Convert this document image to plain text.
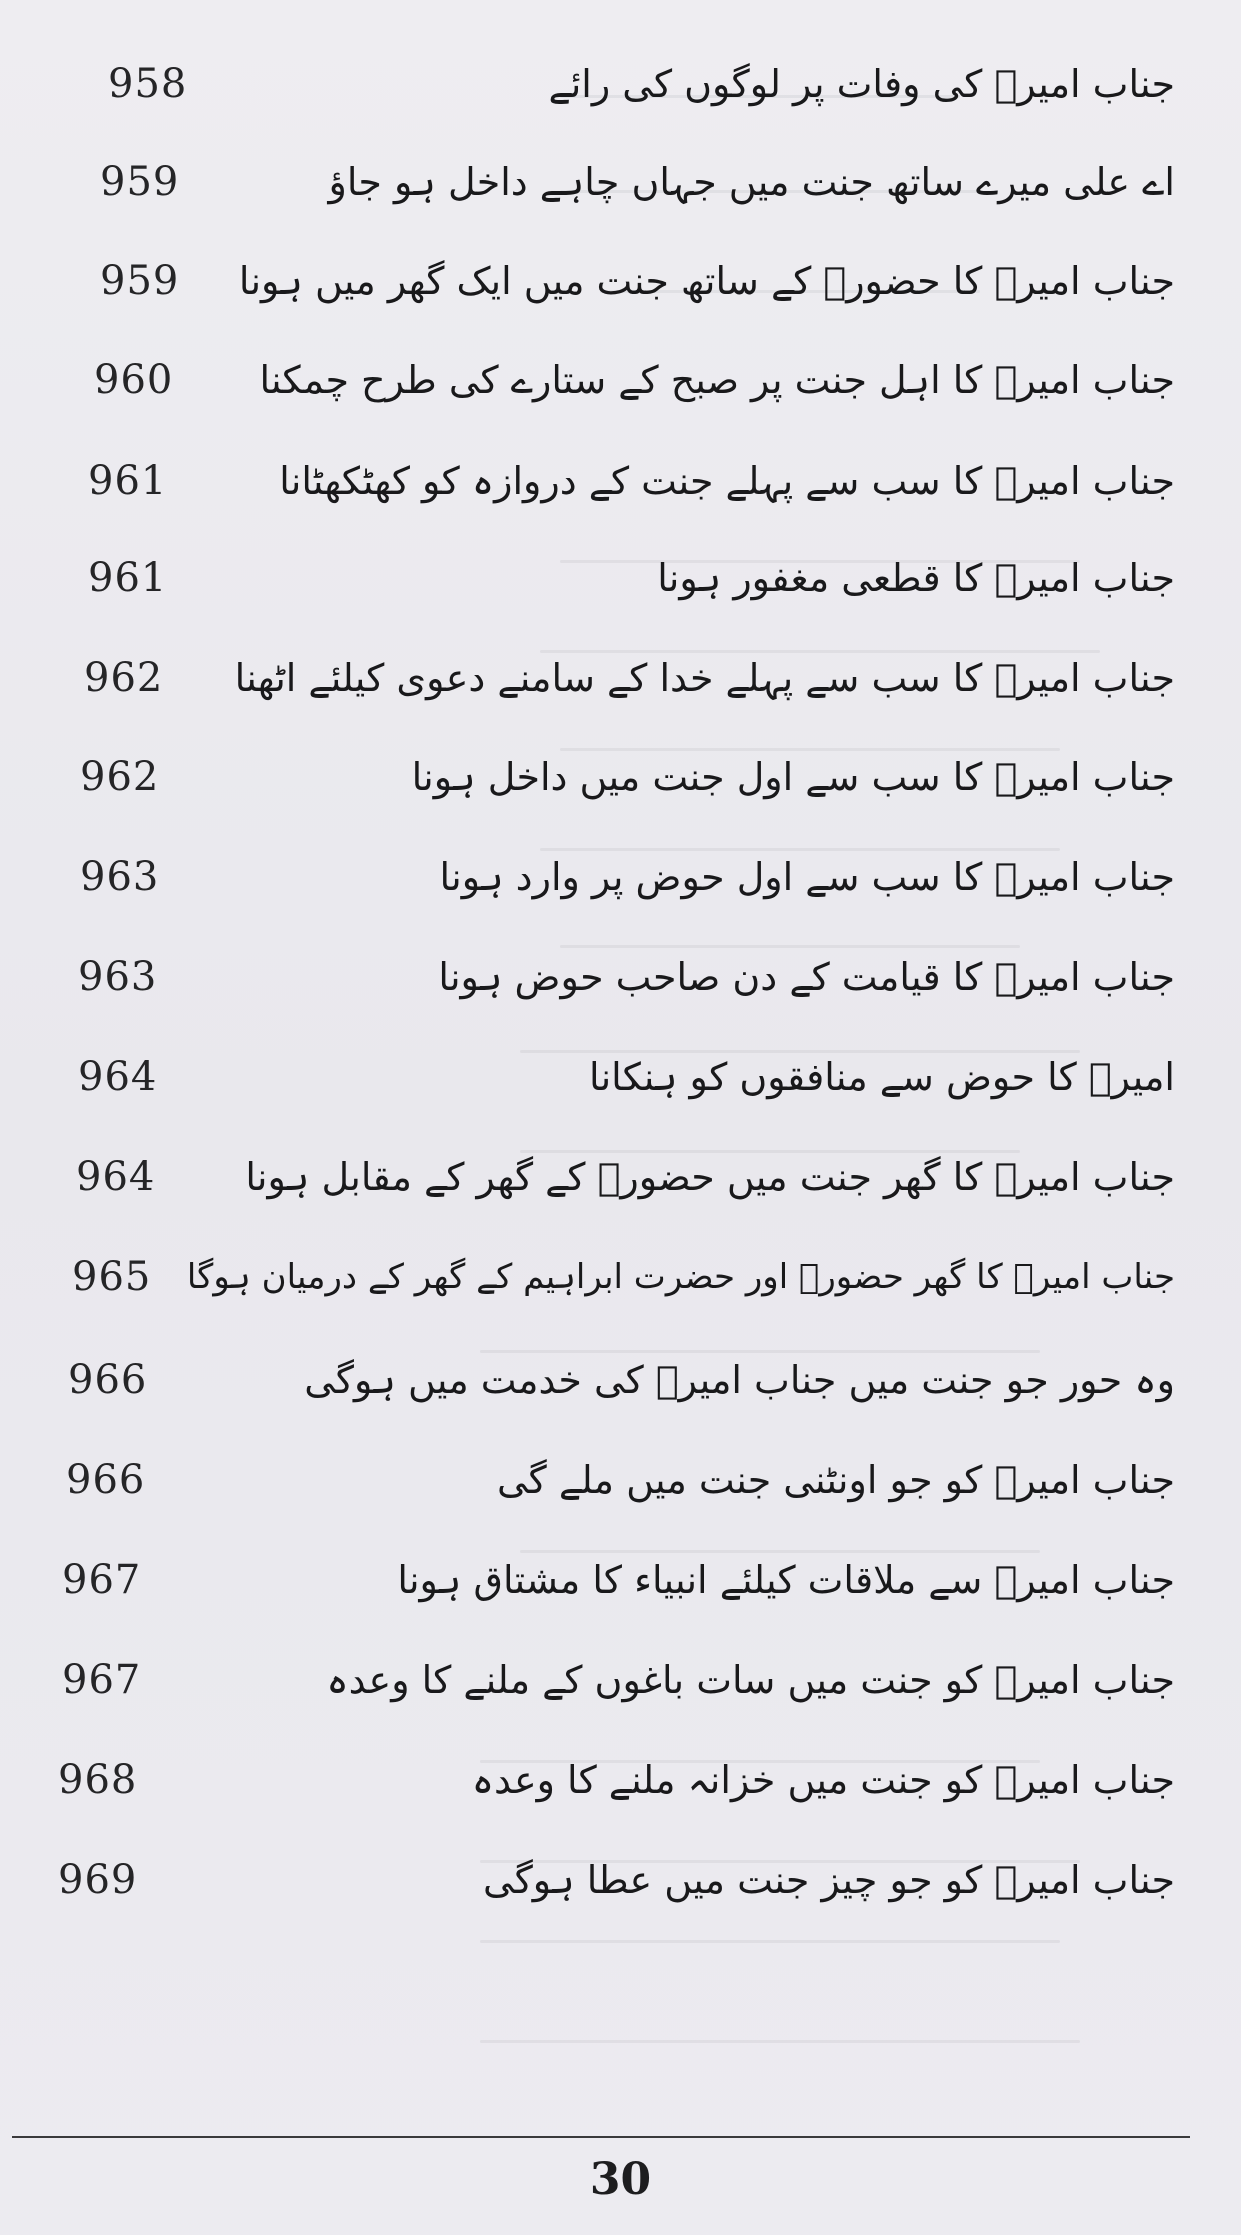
958	جناب امیرؑ کی وفات پر لوگوں کی رائے
959	اے علی میرے ساتھ جنت میں جہاں چاہے داخل ہو جاؤ
959 جناب امیرؑ کا حضورؐ کے ساتھ جنت میں ایک گھر میں ہونا
960 جناب امیرؑ کا اہل جنت پر صبح کے ستارے کی طرح چمکنا
961	جناب امیرؑ کا سب سے پہلے جنت کے دروازہ کو کھٹکھٹانا
961	جناب امیرؑ کا قطعی مغفور ہونا
962 جناب امیرؑ کا سب سے پہلے خدا کے سامنے دعوی کیلئے اٹھنا
962	جناب امیرؑ کا سب سے اول جنت میں داخل ہونا
963	جناب امیرؑ کا سب سے اول حوض پر وارد ہونا
963	جناب امیرؑ کا قیامت کے دن صاحب حوض ہونا
964	امیرؑ کا حوض سے منافقوں کو ہنکانا
964 جناب امیرؑ کا گھر جنت میں حضورؐ کے گھر کے مقابل ہونا
965 جناب امیرؑ کا گھر حضورؐ اور حضرت ابراہیم کے گھر کے درمیان ہوگا
966	وہ حور جو جنت میں جناب امیرؑ کی خدمت میں ہوگی
966	جناب امیرؑ کو جو اونٹنی جنت میں ملے گی
967	جناب امیرؑ سے ملاقات کیلئے انبیاء کا مشتاق ہونا
967	جناب امیرؑ کو جنت میں سات باغوں کے ملنے کا وعدہ
968	جناب امیرؑ کو جنت میں خزانہ ملنے کا وعدہ
969	جناب امیرؑ کو جو چیز جنت میں عطا ہوگی
30
